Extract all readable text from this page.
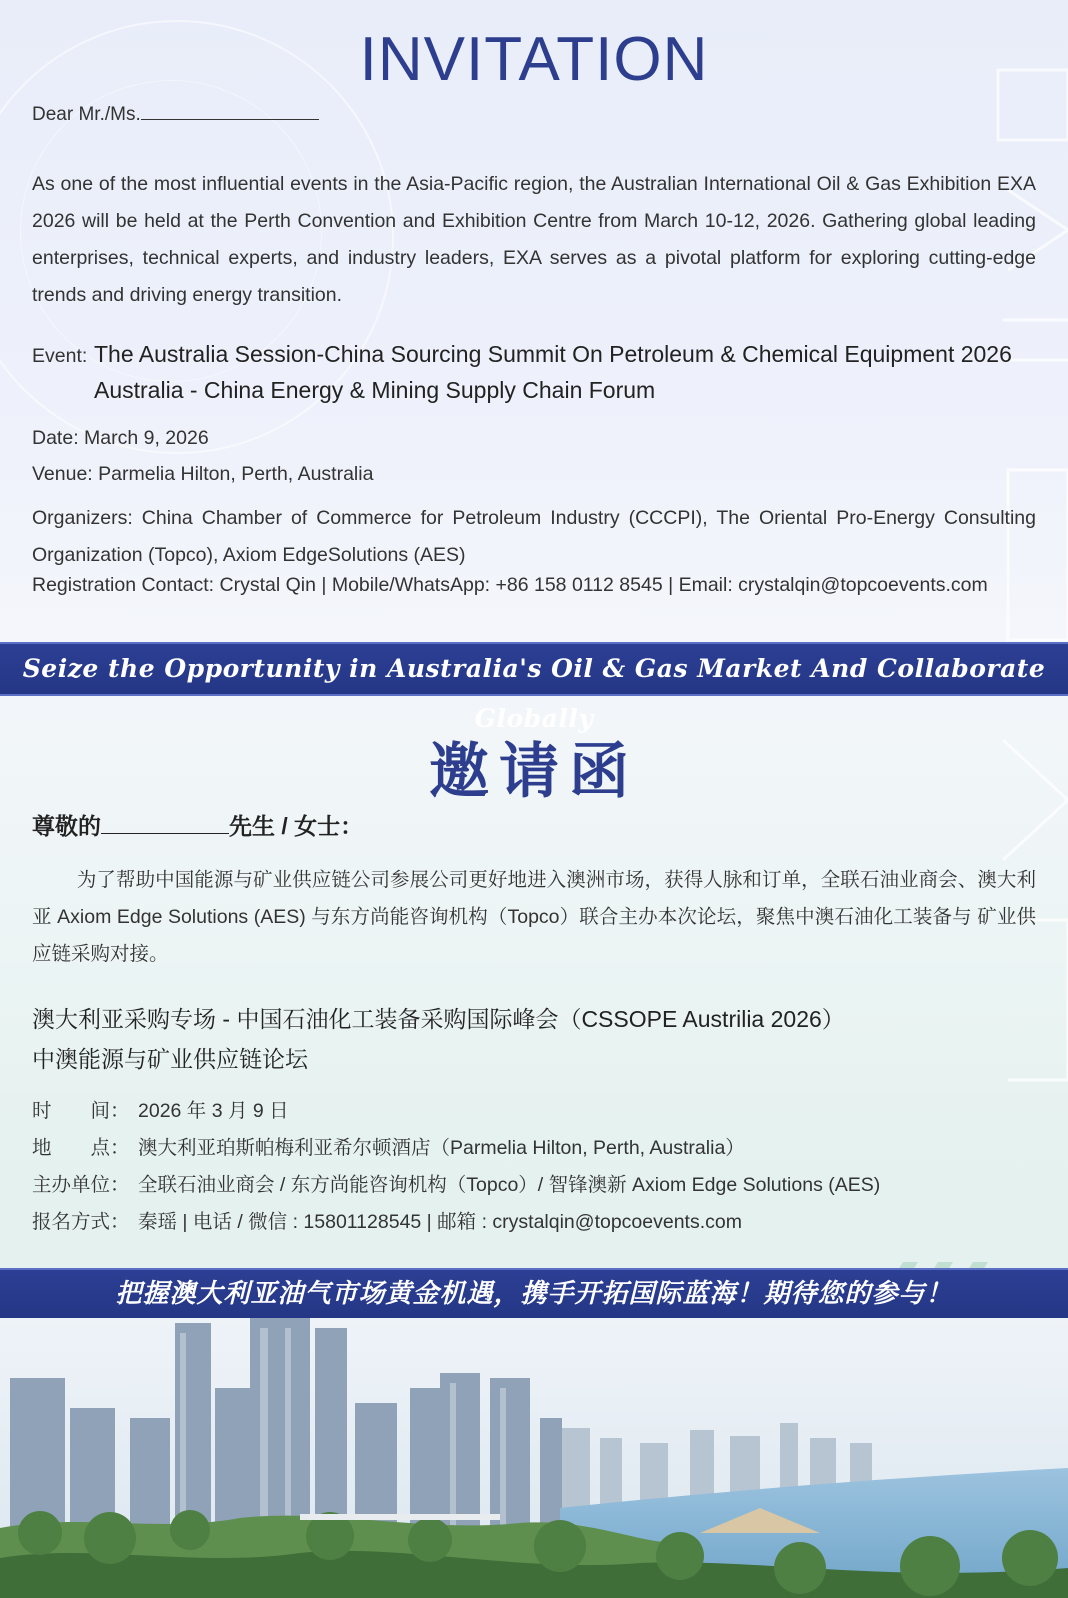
INVITATION
Dear Mr./Ms.
As one of the most influential events in the Asia-Pacific region, the Australian International Oil & Gas Exhibition EXA 2026 will be held at the Perth Convention and Exhibition Centre from March 10-12, 2026. Gathering global leading enterprises, technical experts, and industry leaders, EXA serves as a pivotal platform for exploring cutting-edge trends and driving energy transition.
Event: The Australia Session-China Sourcing Summit On Petroleum & Chemical Equipment 2026
Australia - China Energy & Mining Supply Chain Forum
Date: March 9, 2026
Venue: Parmelia Hilton, Perth, Australia
Organizers: China Chamber of Commerce for Petroleum Industry (CCCPI), The Oriental Pro-Energy Consulting Organization (Topco), Axiom EdgeSolutions (AES)
Registration Contact: Crystal Qin | Mobile/WhatsApp: +86 158 0112 8545 | Email: crystalqin@topcoevents.com
Seize the Opportunity in Australia's Oil & Gas Market And Collaborate Globally
邀请函
尊敬的	先生 / 女士：
为了帮助中国能源与矿业供应链公司参展公司更好地进入澳洲市场，获得人脉和订单，全联石油业商会、澳大利亚 Axiom Edge Solutions (AES) 与东方尚能咨询机构（Topco）联合主办本次论坛，聚焦中澳石油化工装备与 矿业供应链采购对接。
澳大利亚采购专场 - 中国石油化工装备采购国际峰会（CSSOPE Austrilia 2026）
中澳能源与矿业供应链论坛
时　　间： 2026 年 3 月 9 日
地　　点： 澳大利亚珀斯帕梅利亚希尔顿酒店（Parmelia Hilton, Perth, Australia）
主办单位： 全联石油业商会 / 东方尚能咨询机构（Topco）/ 智锋澳新 Axiom Edge Solutions (AES)
报名方式： 秦瑶 | 电话 / 微信 : 15801128545 | 邮箱 : crystalqin@topcoevents.com
把握澳大利亚油气市场黄金机遇，携手开拓国际蓝海！期待您的参与！
